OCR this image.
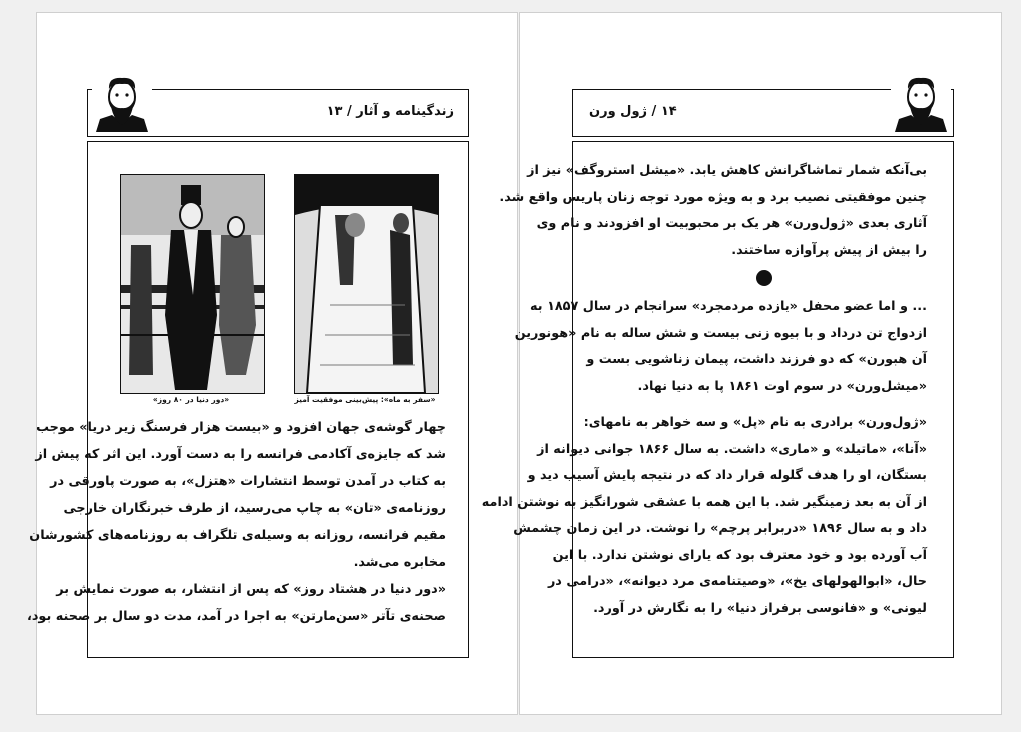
زندگینامه و آثار / ۱۳
«دور دنیا در ۸۰ روز»	«سفر به ماه»: پیش‌بینی موفقیت آمیز

چهار گوشه‌ی جهان افزود و «بیست هزار فرسنگ زیر دریا» موجب

شد که جایزه‌ی آکادمی فرانسه را به دست آورد. این اثر که پیش از

به کتاب در آمدن توسط انتشارات «هتزل»، به صورت پاورقی در

روزنامه‌ی «تان» به چاپ می‌رسید، از طرف خبرنگاران خارجی

مقیم فرانسه، روزانه به وسیله‌ی تلگراف به روزنامه‌های کشورشان

مخابره می‌شد.

«دور دنیا در هشتاد روز» که پس از انتشار، به صورت نمایش بر

صحنه‌ی تآتر «سن‌مارتن» به اجرا در آمد، مدت دو سال بر صحنه بود،

۱۴ / ژول ورن

بی‌آنکه شمار تماشاگرانش کاهش یابد. «میشل استروگف» نیز از

چنین موفقیتی نصیب برد و به ویژه مورد توجه زنان پاریس واقع شد.

آثاری بعدی «ژول‌ورن» هر یک بر محبوبیت او افزودند و نام وی

را بیش از پیش پرآوازه ساختند.

... و اما عضو محفل «یازده مردمجرد» سرانجام در سال ۱۸۵۷ به

ازدواج تن درداد و با بیوه زنی بیست و شش ساله به نام «هونورین

آن هبورن» که دو فرزند داشت، پیمان زناشویی بست و

«میشل‌ورن» در سوم اوت ۱۸۶۱ پا به دنیا نهاد.

«ژول‌ورن» برادری به نام «پل» و سه خواهر به نامهای:

«آنا»، «ماتیلد» و «ماری» داشت. به سال ۱۸۶۶ جوانی دیوانه از

بستگان، او را هدف گلوله قرار داد که در نتیجه پایش آسیب دید و

از آن به بعد زمینگیر شد. با این همه با عشقی شورانگیز به نوشتن ادامه

داد و به سال ۱۸۹۶ «دربرابر پرچم» را نوشت. در این زمان چشمش

آب آورده بود و خود معترف بود که یارای نوشتن ندارد. با این

حال، «ابوالهولهای یخ»، «وصیتنامه‌ی مرد دیوانه»، «درامی در

لیونی» و «فانوسی برفراز دنیا» را به نگارش در آورد.
